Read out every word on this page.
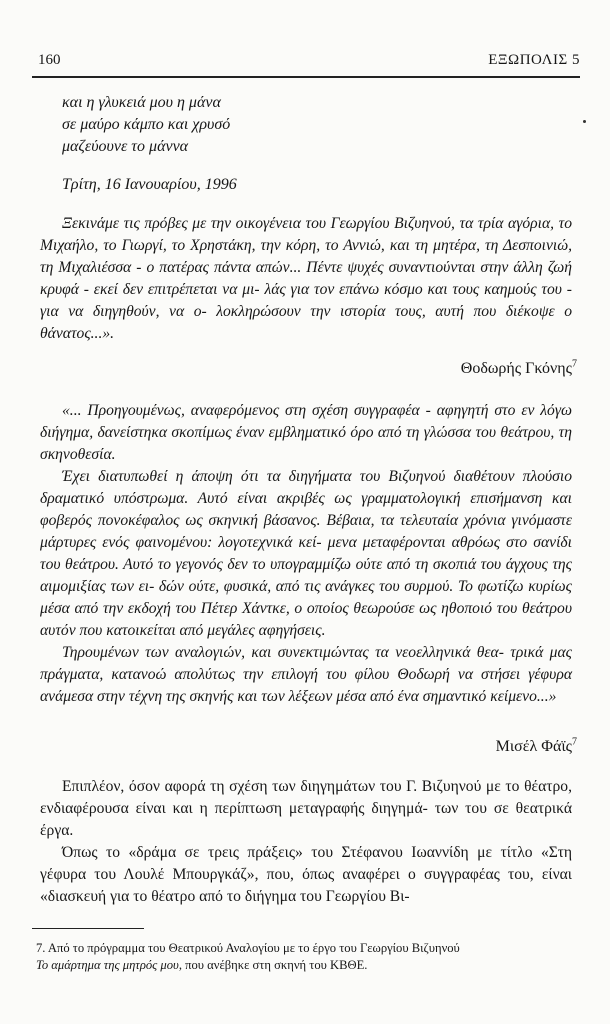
160	ΕΞΩΠΟΛΙΣ 5
και η γλυκειά μου η μάνα
σε μαύρο κάμπο και χρυσό
μαζεύουνε το μάννα
Τρίτη, 16 Ιανουαρίου, 1996

Ξεκινάμε τις πρόβες με την οικογένεια του Γεωργίου Βιζυηνού, τα τρία αγόρια, το Μιχαήλο, το Γιωργί, το Χρηστάκη, την κόρη, το Αννιώ, και τη μητέρα, τη Δεσποινιώ, τη Μιχαλιέσσα - ο πατέρας πάντα απών... Πέντε ψυχές συναντιούνται στην άλλη ζωή κρυφά - εκεί δεν επιτρέπεται να μι- λάς για τον επάνω κόσμο και τους καημούς του - για να διηγηθούν, να ο- λοκληρώσουν την ιστορία τους, αυτή που διέκοψε ο θάνατος...».

Θοδωρής Γκόνης$^7$

«... Προηγουμένως, αναφερόμενος στη σχέση συγγραφέα - αφηγητή στο εν λόγω διήγημα, δανείστηκα σκοπίμως έναν εμβληματικό όρο από τη γλώσσα του θεάτρου, τη σκηνοθεσία.

Έχει διατυπωθεί η άποψη ότι τα διηγήματα του Βιζυηνού διαθέτουν πλούσιο δραματικό υπόστρωμα. Αυτό είναι ακριβές ως γραμματολογική επισήμανση και φοβερός πονοκέφαλος ως σκηνική βάσανος. Βέβαια, τα τελευταία χρόνια γινόμαστε μάρτυρες ενός φαινομένου: λογοτεχνικά κεί- μενα μεταφέρονται αθρόως στο σανίδι του θεάτρου. Αυτό το γεγονός δεν το υπογραμμίζω ούτε από τη σκοπιά του άγχους της αιμομιξίας των ει- δών ούτε, φυσικά, από τις ανάγκες του συρμού. Το φωτίζω κυρίως μέσα από την εκδοχή του Πέτερ Χάντκε, ο οποίος θεωρούσε ως ηθοποιό του θεάτρου αυτόν που κατοικείται από μεγάλες αφηγήσεις.

Τηρουμένων των αναλογιών, και συνεκτιμώντας τα νεοελληνικά θεα- τρικά μας πράγματα, κατανοώ απολύτως την επιλογή του φίλου Θοδωρή να στήσει γέφυρα ανάμεσα στην τέχνη της σκηνής και των λέξεων μέσα από ένα σημαντικό κείμενο...»

Μισέλ Φάϊς$^7$

Επιπλέον, όσον αφορά τη σχέση των διηγημάτων του Γ. Βιζυηνού με το θέατρο, ενδιαφέρουσα είναι και η περίπτωση μεταγραφής διηγημά- των του σε θεατρικά έργα.

Όπως το «δράμα σε τρεις πράξεις» του Στέφανου Ιωαννίδη με τίτλο «Στη γέφυρα του Λουλέ Μπουργκάζ», που, όπως αναφέρει ο συγγραφέας του, είναι «διασκευή για το θέατρο από το διήγημα του Γεωργίου Βι-

7. Από το πρόγραμμα του Θεατρικού Αναλογίου με το έργο του Γεωργίου Βιζυηνού
Το αμάρτημα της μητρός μου, που ανέβηκε στη σκηνή του ΚΒΘΕ.
